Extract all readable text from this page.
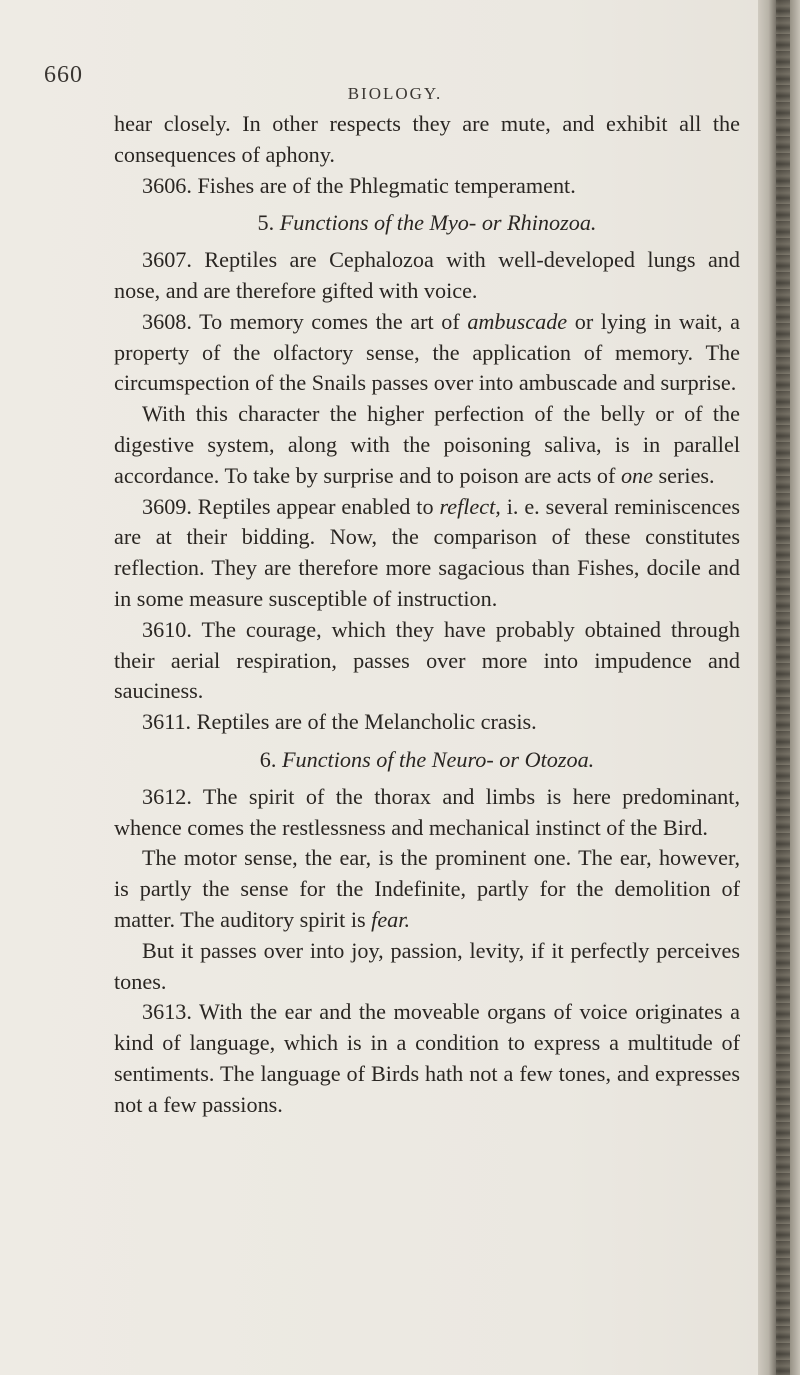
660
BIOLOGY.

hear closely. In other respects they are mute, and exhibit all the consequences of aphony.

3606. Fishes are of the Phlegmatic temperament.

5. Functions of the Myo- or Rhinozoa.

3607. Reptiles are Cephalozoa with well-developed lungs and nose, and are therefore gifted with voice.

3608. To memory comes the art of ambuscade or lying in wait, a property of the olfactory sense, the application of memory. The circumspection of the Snails passes over into ambuscade and surprise.

With this character the higher perfection of the belly or of the digestive system, along with the poisoning saliva, is in parallel accordance. To take by surprise and to poison are acts of one series.

3609. Reptiles appear enabled to reflect, i. e. several reminiscences are at their bidding. Now, the comparison of these constitutes reflection. They are therefore more sagacious than Fishes, docile and in some measure susceptible of instruction.

3610. The courage, which they have probably obtained through their aerial respiration, passes over more into impudence and sauciness.

3611. Reptiles are of the Melancholic crasis.

6. Functions of the Neuro- or Otozoa.

3612. The spirit of the thorax and limbs is here predominant, whence comes the restlessness and mechanical instinct of the Bird.

The motor sense, the ear, is the prominent one. The ear, however, is partly the sense for the Indefinite, partly for the demolition of matter. The auditory spirit is fear.

But it passes over into joy, passion, levity, if it perfectly perceives tones.

3613. With the ear and the moveable organs of voice originates a kind of language, which is in a condition to express a multitude of sentiments. The language of Birds hath not a few tones, and expresses not a few passions.
